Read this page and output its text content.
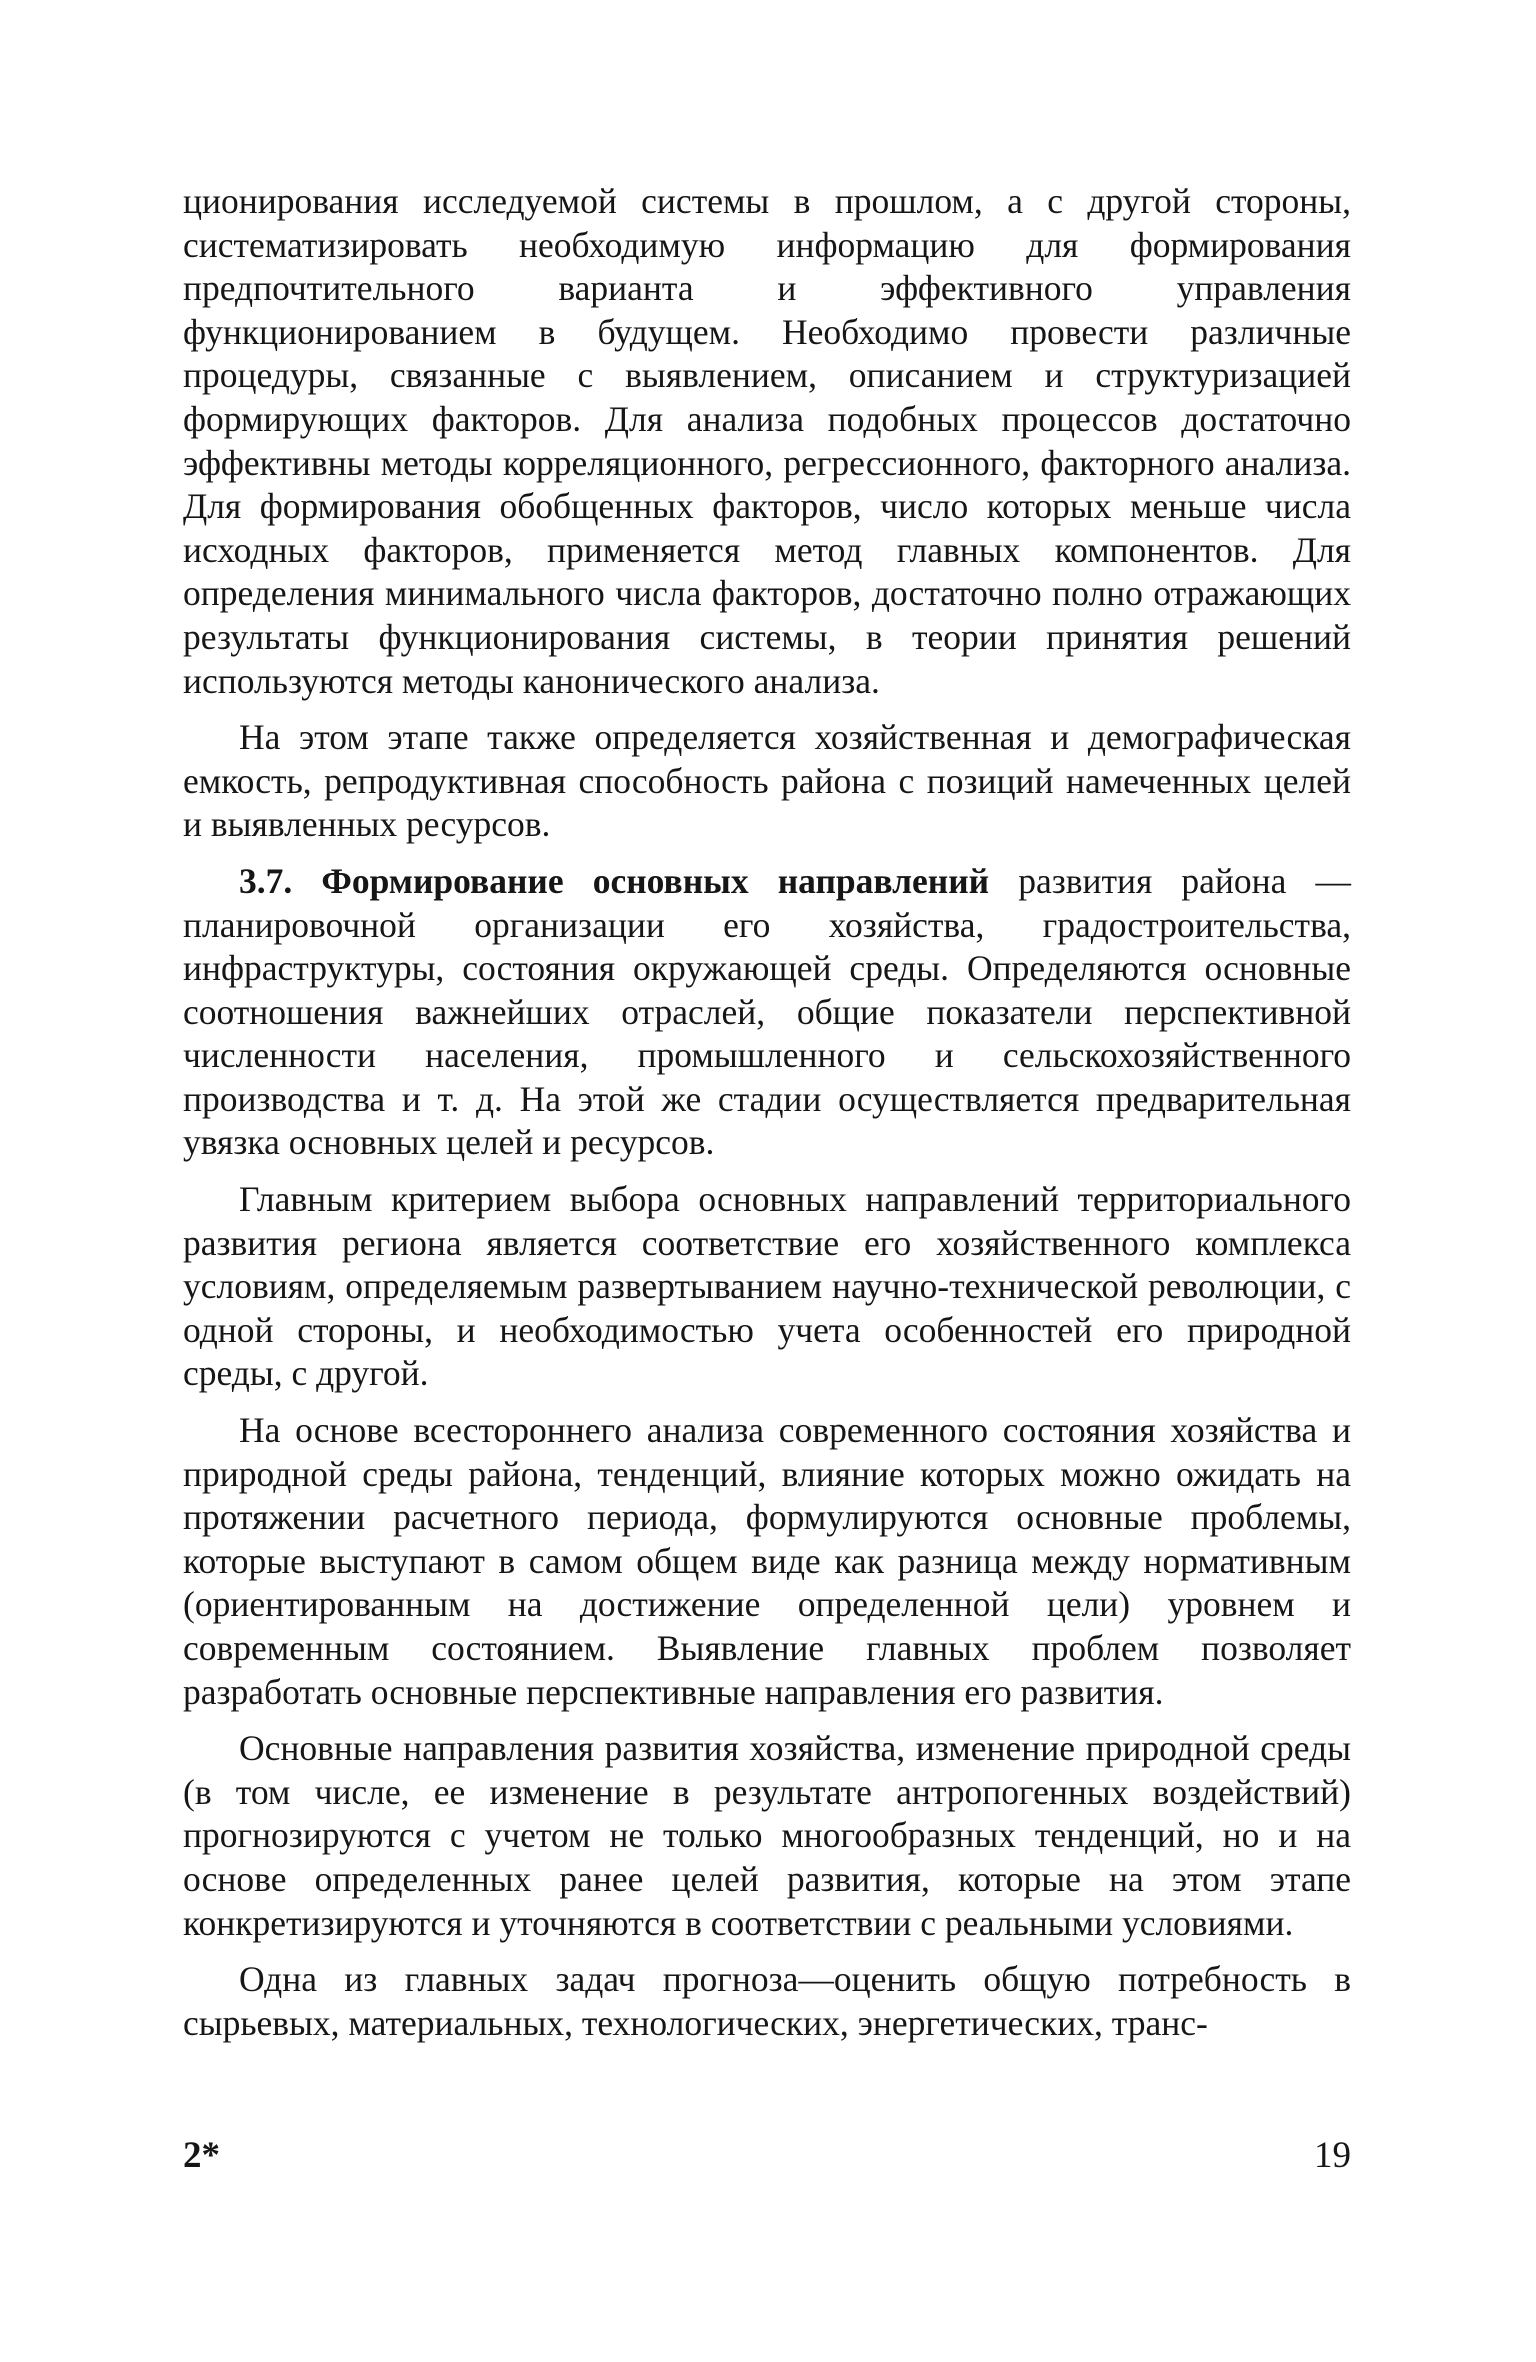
ционирования исследуемой системы в прошлом, а с другой стороны, систематизировать необходимую информацию для формирования предпочтительного варианта и эффективного управления функционированием в будущем. Необходимо провести различные процедуры, связанные с выявлением, описанием и структуризацией формирующих факторов. Для анализа подобных процессов достаточно эффективны методы корреляционного, регрессионного, факторного анализа. Для формирования обобщенных факторов, число которых меньше числа исходных факторов, применяется метод главных компонентов. Для определения минимального числа факторов, достаточно полно отражающих результаты функционирования системы, в теории принятия решений используются методы канонического анализа.

На этом этапе также определяется хозяйственная и демографическая емкость, репродуктивная способность района с позиций намеченных целей и выявленных ресурсов.

3.7. Формирование основных направлений развития района — планировочной организации его хозяйства, градостроительства, инфраструктуры, состояния окружающей среды. Определяются основные соотношения важнейших отраслей, общие показатели перспективной численности населения, промышленного и сельскохозяйственного производства и т. д. На этой же стадии осуществляется предварительная увязка основных целей и ресурсов.

Главным критерием выбора основных направлений территориального развития региона является соответствие его хозяйственного комплекса условиям, определяемым развертыванием научно-технической революции, с одной стороны, и необходимостью учета особенностей его природной среды, с другой.

На основе всестороннего анализа современного состояния хозяйства и природной среды района, тенденций, влияние которых можно ожидать на протяжении расчетного периода, формулируются основные проблемы, которые выступают в самом общем виде как разница между нормативным (ориентированным на достижение определенной цели) уровнем и современным состоянием. Выявление главных проблем позволяет разработать основные перспективные направления его развития.

Основные направления развития хозяйства, изменение природной среды (в том числе, ее изменение в результате антропогенных воздействий) прогнозируются с учетом не только многообразных тенденций, но и на основе определенных ранее целей развития, которые на этом этапе конкретизируются и уточняются в соответствии с реальными условиями.

Одна из главных задач прогноза—оценить общую потребность в сырьевых, материальных, технологических, энергетических, транс-

2*	19
